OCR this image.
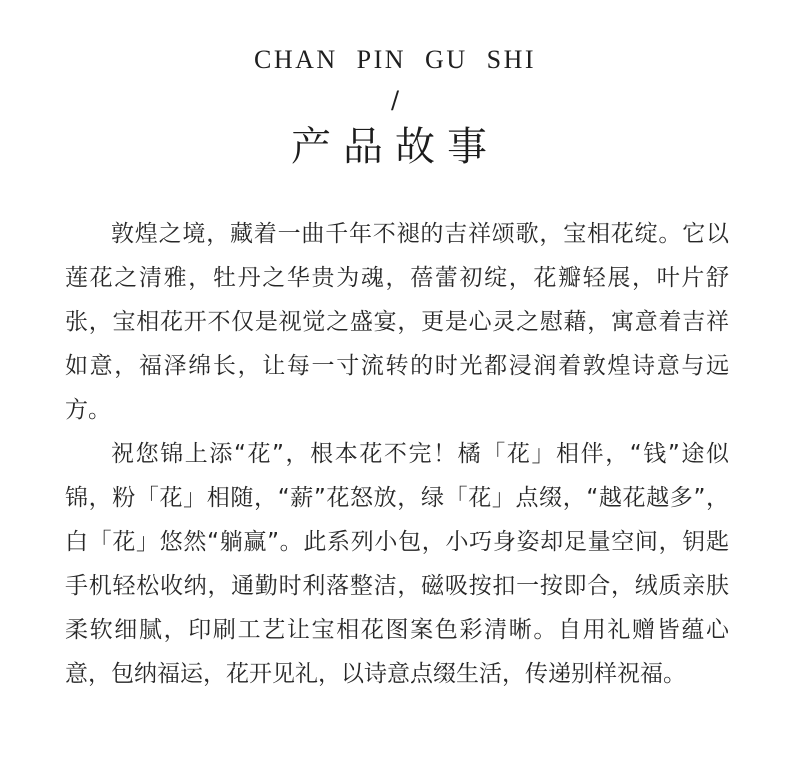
CHAN PIN GU SHI
/
产品故事

敦煌之境，藏着一曲千年不褪的吉祥颂歌，宝相花绽。它以莲花之清雅，牡丹之华贵为魂，蓓蕾初绽，花瓣轻展，叶片舒张，宝相花开不仅是视觉之盛宴，更是心灵之慰藉，寓意着吉祥如意，福泽绵长，让每一寸流转的时光都浸润着敦煌诗意与远方。

祝您锦上添“花”，根本花不完！橘「花」相伴，“钱”途似锦，粉「花」相随，“薪”花怒放，绿「花」点缀，“越花越多”，白「花」悠然“躺赢”。此系列小包，小巧身姿却足量空间，钥匙手机轻松收纳，通勤时利落整洁，磁吸按扣一按即合，绒质亲肤柔软细腻，印刷工艺让宝相花图案色彩清晰。自用礼赠皆蕴心意，包纳福运，花开见礼，以诗意点缀生活，传递别样祝福。
